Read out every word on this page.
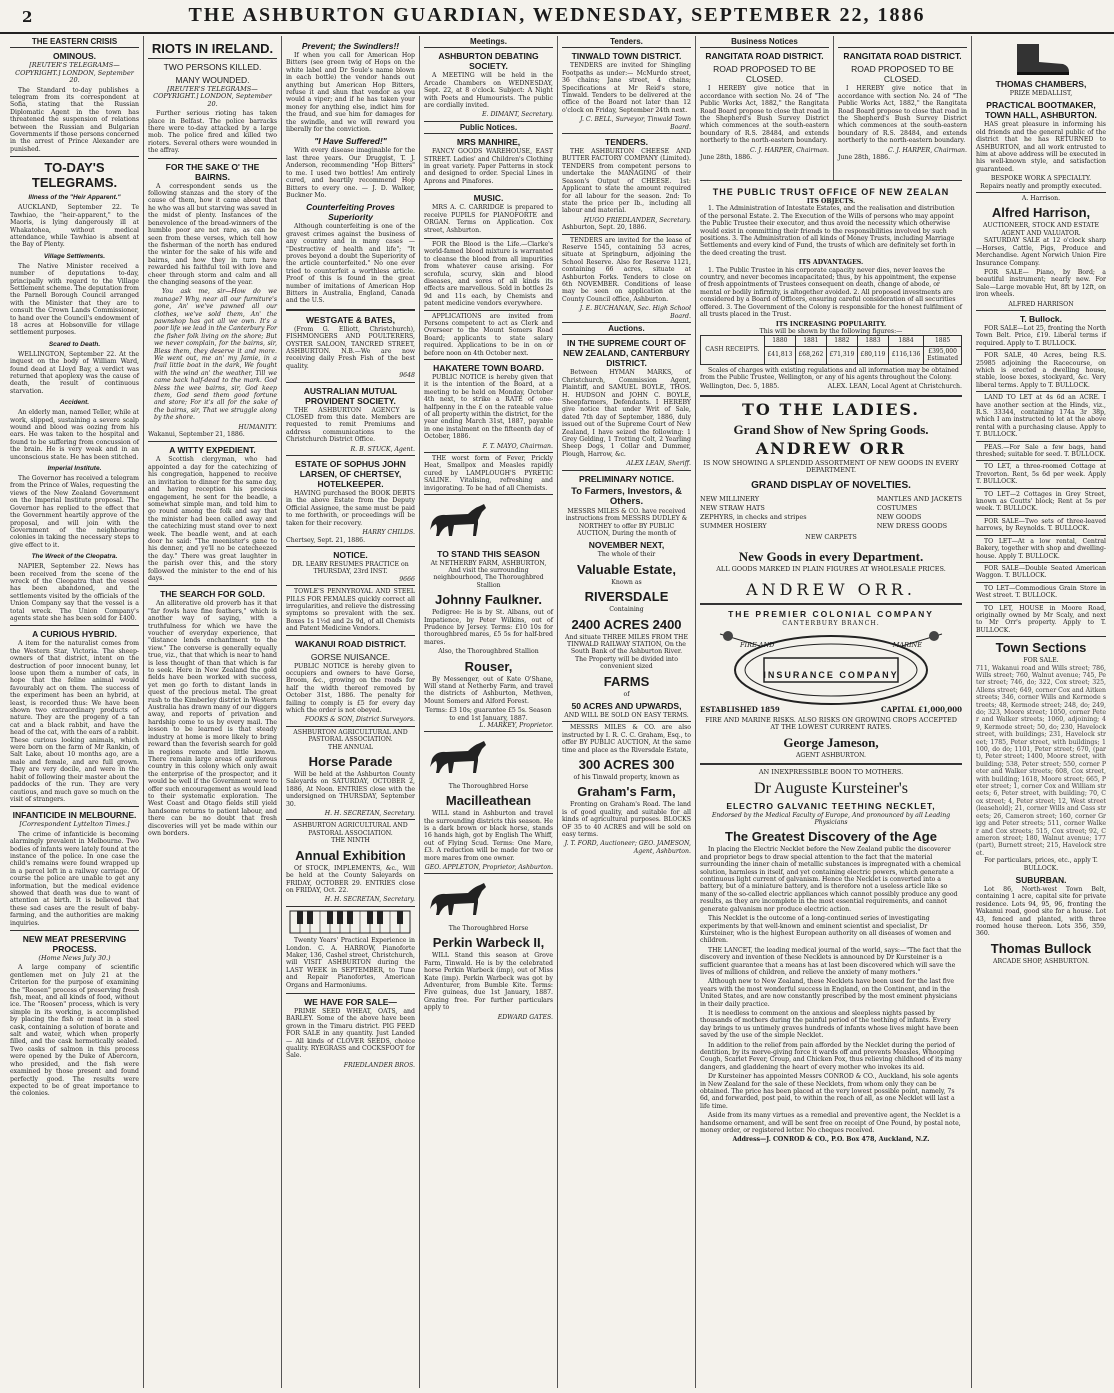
2	THE ASHBURTON GUARDIAN, WEDNESDAY, SEPTEMBER 22, 1886
THE EASTERN CRISIS
OMINOUS.
[REUTER'S TELEGRAMS—COPYRIGHT.] LONDON, September 20.
The Standard to-day publishes a telegram from its correspondent at Sofia, stating that the Russian Diplomatic Agent in the town has threatened the suspension of relations between the Russian and Bulgarian Governments if those persons concerned in the arrest of Prince Alexander are punished.
TO-DAY'S TELEGRAMS.
Illness of the "Heir Apparent."
AUCKLAND, September 22. Te Tawhiao, the "heir-apparent," to the Maoris, is lying dangerously ill at Whakatohea, without medical attendance, while Tawhiao is absent at the Bay of Plenty.
Village Settlements.
The Native Minister received a number of deputations to-day, principally with regard to the Village Settlement scheme. The deputation from the Parnell Borough Council arranged with the Minister that they are to consult the Crown Lands Commissioner, to hand over the Council's endowment of 18 acres at Hobsonville for village settlement purposes.
Scared to Death.
WELLINGTON, September 22. At the inquest on the body of William Ward, found dead at Lloyd Bay, a verdict was returned that apoplexy was the cause of death, the result of continuous starvation.
Accident.
An elderly man, named Teller, while at work, slipped, sustaining a severe scalp wound and blood was oozing from his ears. He was taken to the hospital and found to be suffering from concussion of the brain. He is very weak and in an unconscious state. He has been stitched.
Imperial Institute.
The Governor has received a telegram from the Prince of Wales, requesting the views of the New Zealand Government on the Imperial Institute proposal. The Governor has replied to the effect that the Government heartily approve of the proposal, and will join with the Government of the neighbouring colonies in taking the necessary steps to give effect to it.
The Wreck of the Cleopatra.
NAPIER, September 22. News has been received from the scene of the wreck of the Cleopatra that the vessel has been abandoned, and the settlements visited by the officials of the Union Company say that the vessel is a total wreck. The Union Company's agents state she has been sold for £400.
A CURIOUS HYBRID.
A item for the naturalist comes from the Western Star, Victoria. The sheep-owners of that district, intent on the destruction of poor innocent bunny, let loose upon them a number of cats, in hope that the feline animal would favourably act on them. The success of the experiment has been an hybrid, at least, is recorded thus: We have been shown two extraordinary products of nature. They are the progeny of a tan cat and a black rabbit, and have the head of the cat, with the ears of a rabbit. These curious looking animals, which were born on the farm of Mr Rankin, of Salt Lake, about 10 months ago, are a male and female, and are full grown. They are very docile, and were in the habit of following their master about the paddocks of the run. They are very cautious, and much gave so much on the visit of strangers.
INFANTICIDE IN MELBOURNE.
[Correspondent Lyttelton Times.]
The crime of infanticide is becoming alarmingly prevalent in Melbourne. Two bodies of infants were lately found at the instance of the police. In one case the child's remains were found wrapped up in a parcel left in a railway carriage. Of course the police are unable to get any information, but the medical evidence showed that death was due to want of attention at birth. It is believed that these sad cases are the result of baby-farming, and the authorities are making inquiries.
NEW MEAT PRESERVING PROCESS.
(Home News July 30.)
A large company of scientific gentlemen met on July 21 at the Criterion for the purpose of examining the "Roosen" process of preserving fresh fish, meat, and all kinds of food, without ice. The "Roosen" process, which is very simple in its working, is accomplished by placing the fish or meat in a steel cask, containing a solution of borate and salt and water, which when properly filled, and the cask hermetically sealed. Two casks of salmon in this process were opened by the Duke of Abercorn, who presided, and the fish were examined by those present and found perfectly good. The results were expected to be of great importance to the colonies.
RIOTS IN IRELAND.
TWO PERSONS KILLED.
MANY WOUNDED.
[REUTER'S TELEGRAMS—COPYRIGHT.] LONDON, September 20.
Further serious rioting has taken place in Belfast. The police barracks there were to-day attacked by a large mob. The police fired and killed two rioters. Several others were wounded in the affray.
FOR THE SAKE O' THE BAIRNS.
A correspondent sends us the following stanzas and the story of the cause of them, how it came about that he who was all but starving was saved in the midst of plenty. Instances of the benevolence of the bread-winners of the humble poor are not rare, as can be seen from these verses, which tell how the fisherman of the north has endured the winter for the sake of his wife and bairns, and how they in turn have rewarded his faithful toil with love and cheer through storm and calm and all the changing seasons of the year.
You ask me, sir—How do we manage? Why, near all our furniture's gone, An' we've pawned all our clothes, we've sold them, An' the pawnshop has got all we own. It's a poor life we lead in the Canterbury For the fisher folk living on the shore; But we never complain, for the bairns, sir, Bless them, they deserve it and more. We went out, me an' my Jamie, in a frail little boat in the dark, We fought with the wind an' the weather, Till we came back half-dead to the mark. God bless the wee bairns, sir, God keep them, God send them good fortune and store; For it's all for the sake of the bairns, sir, That we struggle along by the shore.
HUMANITY.
Wakanui, September 21, 1886.
A WITTY EXPEDIENT.
A Scottish clergyman, who had appointed a day for the catechizing of his congregation, happened to receive an invitation to dinner for the same day, and having reception his precious engagement, he sent for the beadle, a somewhat simple man, and told him to go round among the folk and say that the minister had been called away and the catechizing must stand over to next week. The beadle went, and at each door he said: "The meenister's gane to his denner, and ye'll no be catecheezed the day." There was great laughter in the parish over this, and the story followed the minister to the end of his days.
THE SEARCH FOR GOLD.
An alliterative old proverb has it that "far fowls have fine feathers," which is another way of saying, with a truthfulness for which we have the voucher of everyday experience, that "distance lends enchantment to the view." The converse is generally equally true, viz., that that which is near to hand is less thought of than that which is far to seek. Here in New Zealand the gold fields have been worked with success, yet men go forth to distant lands in quest of the precious metal. The great rush to the Kimberley district in Western Australia has drawn many of our diggers away, and reports of privation and hardship come to us by every mail. The lesson to be learned is that steady industry at home is more likely to bring reward than the feverish search for gold in regions remote and little known. There remain large areas of auriferous country in this colony which only await the enterprise of the prospector, and it would be well if the Government were to offer such encouragement as would lead to their systematic exploration. The West Coast and Otago fields still yield handsome returns to patient labour, and there can be no doubt that fresh discoveries will yet be made within our own borders.
Prevent; the Swindlers!!
If when you call for American Hop Bitters (see green twig of Hops on the white label and Dr Soule's name blown in each bottle) the vendor hands out anything but American Hop Bitters, refuse it and shun that vendor as you would a viper; and if he has taken your money for anything else, indict him for the fraud, and sue him for damages for the swindle, and we will reward you liberally for the conviction.
"I Have Suffered!"
With every disease imaginable for the last three years. Our Druggist, T. J. Anderson, recommending "Hop Bitters" to me. I used two bottles! Am entirely cured, and heartily recommend Hop Bitters to every one. — J. D. Walker, Buckner Mo.
Counterfeiting Proves Superiority
Although counterfeiting is one of the gravest crimes against the business of any country and in many cases — "Destructive of health and life"; "It proves beyond a doubt the Superiority of the article counterfeited." No one ever tried to counterfeit a worthless article. Proof of this is found in the great number of imitations of American Hop Bitters in Australia, England, Canada and the U.S.
WESTGATE & BATES,
(From G. Elliott, Christchurch), FISHMONGERS AND POULTERERS, OYSTER SALOON, TANCRED STREET, ASHBURTON. N.B.—We are now receiving daily Fresh Fish of the best quality.
9648
AUSTRALIAN MUTUAL PROVIDENT SOCIETY.
THE ASHBURTON AGENCY is CLOSED from this date. Members are requested to remit Premiums and address communications to the Christchurch District Office.
R. B. STUCK, Agent.
ESTATE OF SOPHUS JOHN LARSEN, OF CHERTSEY, HOTELKEEPER.
HAVING purchased the BOOK DEBTS in the above Estate from the Deputy Official Assignee, the same must be paid to me forthwith, or proceedings will be taken for their recovery.
HARRY CHILDS.
Chertsey, Sept. 21, 1886.
NOTICE.
DR. LEARY RESUMES PRACTICE on THURSDAY, 23rd INST.
9666
TOWLE'S PENNYROYAL AND STEEL PILLS FOR FEMALES quickly correct all irregularities, and relieve the distressing symptoms so prevalent with the sex. Boxes 1s 1½d and 2s 9d, of all Chemists and Patent Medicine Vendors.
WAKANUI ROAD DISTRICT.
GORSE NUISANCE.
PUBLIC NOTICE is hereby given to occupiers and owners to have Gorse, Broom, &c., growing on the roads for half the width thereof removed by October 31st, 1886. The penalty for failing to comply is £5 for every day which the order is not obeyed.
FOOKS & SON, District Surveyors.
ASHBURTON AGRICULTURAL AND PASTORAL ASSOCIATION.
THE ANNUAL
Horse Parade
Will be held at the Ashburton County Saleyards on SATURDAY, OCTOBER 2, 1886, At Noon. ENTRIES close with the undersigned on THURSDAY, September 30.
H. H. SECRETAN, Secretary.
ASHBURTON AGRICULTURAL AND PASTORAL ASSOCIATION.
THE NINTH
Annual Exhibition
Of STOCK, IMPLEMENTS, &c., Will be held at the County Saleyards on FRIDAY, OCTOBER 29. ENTRIES close on FRIDAY, Oct. 22.
H. H. SECRETAN, Secretary.
Twenty Years' Practical Experience in London. C. A. HARROW, Pianoforte Maker, 136, Cashel street, Christchurch, will VISIT ASHBURTON during the LAST WEEK in SEPTEMBER, to Tune and Repair Pianofortes, American Organs and Harmoniums.
WE HAVE FOR SALE—
PRIME SEED WHEAT, OATS, and BARLEY. Some of the above have been grown in the Timaru district. PIG FEED FOR SALE in any quantity. Just Landed— All kinds of CLOVER SEEDS, choice quality. RYEGRASS and COCKSFOOT for Sale.
FRIEDLANDER BROS.
Meetings.
ASHBURTON DEBATING SOCIETY.
A MEETING will be held in the Arcade Chambers on WEDNESDAY, Sept. 22, at 8 o'clock. Subject: A Night with Poets and Humourists. The public are cordially invited.
E. DIMANT, Secretary.
Public Notices.
MRS MANHIRE,
FANCY GOODS WAREHOUSE, EAST STREET. Ladies' and Children's Clothing in great variety. Paper Patterns in stock and designed to order. Special Lines in Aprons and Pinafores.
MUSIC.
MRS A. C. CARRIDGE is prepared to receive PUPILS for PIANOFORTE and ORGAN. Terms on Application. Cox street, Ashburton.
FOR the Blood is the Life.—Clarke's world-famed blood mixture is warranted to cleanse the blood from all impurities from whatever cause arising. For scrofula, scurvy, skin and blood diseases, and sores of all kinds its effects are marvellous. Sold in bottles 2s 9d and 11s each, by Chemists and patent medicine vendors everywhere.
APPLICATIONS are invited from Persons competent to act as Clerk and Overseer to the Mount Somers Road Board; applicants to state salary required. Applications to be in on or before noon on 4th October next.
HAKATERE TOWN BOARD.
PUBLIC NOTICE is hereby given that it is the intention of the Board, at a meeting to be held on Monday, October 4th next, to strike a RATE of one-halfpenny in the £ on the rateable value of all property within the district, for the year ending March 31st, 1887, payable in one instalment on the fifteenth day of October, 1886.
F. T. MAYO, Chairman.
THE worst form of Fever, Prickly Heat, Smallpox and Measles rapidly cured by LAMPLOUGH'S PYRETIC SALINE. Vitalising, refreshing and invigorating. To be had of all Chemists.
TO STAND THIS SEASON
At NETHERBY FARM, ASHBURTON, And visit the surrounding neighbourhood, The Thoroughbred Stallion
Johnny Faulkner.
Pedigree: He is by St. Albans, out of Impatience, by Peter Wilkins, out of Prudence by Jersey. Terms: £10 10s for thoroughbred mares, £5 5s for half-bred mares.
Also, the Thoroughbred Stallion
Rouser,
By Messenger, out of Kate O'Shane, Will stand at Netherby Farm, and travel the districts of Ashburton, Methven, Mount Somers and Alford Forest.
Terms: £3 10s; guarantee £5 5s. Season to end 1st January, 1887.
L. MARKEY, Proprietor.
The Thoroughbred Horse
Macilleathean
WILL stand in Ashburton and travel the surrounding districts this season. He is a dark brown or black horse, stands 16 hands high, got by English The Whiff, out of Flying Scud. Terms: One Mare, £3. A reduction will be made for two or more mares from one owner.
GEO. APPLETON, Proprietor, Ashburton.
The Thoroughbred Horse
Perkin Warbeck II,
WILL Stand this season at Grove Farm, Tinwald. He is by the celebrated horse Perkin Warbeck (imp), out of Miss Kate (imp). Perkin Warbeck was got by Adventurer, from Bumble Kite. Terms: Five guineas, due 1st January, 1887. Grazing free. For further particulars apply to
EDWARD GATES.
Tenders.
TINWALD TOWN DISTRICT.
TENDERS are invited for Shingling Footpaths as under:— McMurdo street, 36 chains; Jane street, 4 chains; Specifications at Mr Reid's store, Tinwald. Tenders to be delivered at the office of the Board not later than 12 o'clock on Friday, September 24th next.
J. C. BELL, Surveyor, Tinwald Town Board.
TENDERS.
THE ASHBURTON CHEESE AND BUTTER FACTORY COMPANY (Limited). TENDERS from competent persons to undertake the MANAGING of their Season's Output of CHEESE. 1st: Applicant to state the amount required for all labour for the season. 2nd: To state the price per lb., including all labour and material.
HUGO FRIEDLANDER, Secretary.
Ashburton, Sept. 20, 1886.
TENDERS are invited for the lease of Reserve 1545, containing 53 acres, situate at Springburn, adjoining the School Reserve. Also for Reserve 1121, containing 66 acres, situate at Ashburton Forks. Tenders to close on 6th NOVEMBER. Conditions of lease may be seen on application at the County Council office, Ashburton.
J. E. BUCHANAN, Sec. High School Board.
Auctions.
IN THE SUPREME COURT OF NEW ZEALAND, CANTERBURY DISTRICT.
Between HYMAN MARKS, of Christchurch, Commission Agent, Plaintiff, and SAMUEL BOYLE, THOS. H. HUDSON and JOHN C. BOYLE, Sheepfarmers, Defendants. I HEREBY give notice that under Writ of Sale, dated 7th day of September, 1886, duly issued out of the Supreme Court of New Zealand, I have seized the following: 1 Grey Gelding, 1 Trotting Colt, 2 Yearling Sheep Dogs, 1 Collar and Dummer, Plough, Harrow, &c.
ALEX LEAN, Sheriff.
PRELIMINARY NOTICE.
To Farmers, Investors, & Others.
MESSRS MILES & CO. have received instructions from MESSRS DUDLEY & NORTHEY to offer BY PUBLIC AUCTION, During the month of
NOVEMBER NEXT,
The whole of their
Valuable Estate,
Known as
RIVERSDALE
Containing
2400 ACRES 2400
And situate THREE MILES FROM THE TINWALD RAILWAY STATION, On the South Bank of the Ashburton River.
The Property will be divided into convenient sized
FARMS
of
50 ACRES AND UPWARDS,
AND WILL BE SOLD ON EASY TERMS.
MESSRS MILES & CO. are also instructed by I. R. C. C. Graham, Esq., to offer BY PUBLIC AUCTION, At the same time and place as the Riversdale Estate,
300 ACRES 300
of his Tinwald property, known as
Graham's Farm,
Fronting on Graham's Road. The land is of good quality, and suitable for all kinds of agricultural purposes. BLOCKS OF 35 to 40 ACRES and will be sold on easy terms.
J. T. FORD, Auctioneer; GEO. JAMESON, Agent, Ashburton.
Business Notices
RANGITATA ROAD DISTRICT.
ROAD PROPOSED TO BE CLOSED.
I HEREBY give notice that in accordance with section No. 24 of "The Public Works Act, 1882," the Rangitata Road Board propose to close that road in the Shepherd's Bush Survey District which commences at the south-eastern boundary of R.S. 28484, and extends northerly to the north-eastern boundary.
C. J. HARPER, Chairman.
June 28th, 1886.

RANGITATA ROAD DISTRICT.
ROAD PROPOSED TO BE CLOSED.
I HEREBY give notice that in accordance with section No. 24 of "The Public Works Act, 1882," the Rangitata Road Board propose to close that road in the Shepherd's Bush Survey District which commences at the south-eastern boundary of R.S. 28484, and extends northerly to the north-eastern boundary.
C. J. HARPER, Chairman.
June 28th, 1886.
THOMAS CHAMBERS,
PRIZE MEDALLIST,
PRACTICAL BOOTMAKER, TOWN HALL, ASHBURTON.
HAS great pleasure in informing his old friends and the general public of the district that he has RETURNED to ASHBURTON, and all work entrusted to him at above address will be executed in his well-known style, and satisfaction guaranteed.
BESPOKE WORK A SPECIALTY.
Repairs neatly and promptly executed.
A. Harrison.
Alfred Harrison,
AUCTIONEER, STOCK AND ESTATE AGENT AND VALUATOR.
SATURDAY SALE at 12 o'clock sharp—Horses, Cattle, Pigs, Produce and Merchandise. Agent Norwich Union Fire Insurance Company.
FOR SALE— Piano, by Bord; a beautiful instrument; nearly new. For Sale—Large movable Hut, 8ft by 12ft, on iron wheels.
ALFRED HARRISON
T. Bullock.
FOR SALE—Lot 25, fronting the North Town Belt. Price, £19. Liberal terms if required. Apply to T. BULLOCK.
FOR SALE, 40 Acres, being R.S. 25985 adjoining the Racecourse, on which is erected a dwelling house, stable, loose boxes, stockyard, &c. Very liberal terms. Apply to T. BULLOCK.
LAND TO LET at 4s 6d an ACRE. I have another section at the Hinds, viz., R.S. 33344, containing 174a 3r 38p, which I am instructed to let at the above rental with a purchasing clause. Apply to T. BULLOCK.
PEAS.—For Sale a few bags, hand threshed; suitable for seed. T. BULLOCK.
TO LET, a three-roomed Cottage at Trevorton. Rent, 5s 6d per week. Apply T. BULLOCK.
TO LET—2 Cottages in Grey Street, known as Coutts' block; Rent at 5s per week. T. BULLOCK.
FOR SALE—Two sets of three-leaved harrows, by Reynolds. T. BULLOCK.
TO LET—At a low rental, Central Bakery, together with shop and dwelling-house. Apply T. BULLOCK.
FOR SALE—Double Seated American Waggon. T. BULLOCK.
TO LET—Commodious Grain Store in West street. T. BULLOCK.
TO LET, HOUSE in Moore Road, originally owned by Mr Scaly, and next to Mr Orr's property. Apply to T. BULLOCK.
Town Sections
FOR SALE.
711, Wakanui road and Wills street; 786, Wills street; 760, Walnut avenue; 745, Peter street; 746, do; 322, Cox street; 325, Allens street; 649, corner Cox and Aitken streets; 346, corner Wills and Kermode streets; 48, Kermode street; 248, do; 249, do; 323, Moore street; 1050, corner Peter and Walker streets; 1060, adjoining; 49, Kermode street; 50, do; 230, Havelock street, with buildings; 231, Havelock street; 1785, Peter street, with buildings; 1100, do do; 1101, Peter street; 670, (part), Peter street; 1400, Moore street, with building; 538, Peter street; 550, corner Peter and Walker streets; 608, Cox street, with building; 1618, Moore street; 665, Peter street; 1, corner Cox and William streets; 6, Peter street, with building; 70, Cox street; 4, Peter street; 12, West street (leasehold); 21, corner Wills and Cass streets; 26, Cameron street; 160, corner Grigg and Peter streets; 511, corner Walker and Cox streets; 515, Cox street; 92, Cameron street; 180, Walnut avenue; 177 (part), Burnett street; 215, Havelock street.
For particulars, prices, etc., apply T. BULLOCK.
SUBURBAN.
Lot 86, North-west Town Belt, containing 1 acre, capital site for private residence. Lots 94, 95, 96, fronting the Wakanui road, good site for a house. Lot 43, fenced and planted, with three roomed house thereon. Lots 356, 359, 360.
Thomas Bullock
ARCADE SHOP, ASHBURTON.
THE PUBLIC TRUST OFFICE OF NEW ZEALAN
ITS OBJECTS.
1. The Administration of Intestate Estates, and the realisation and distribution of the personal Estate. 2. The Execution of the Wills of persons who may appoint the Public Trustee their executor, and thus avoid the necessity which otherwise would exist in committing their friends to the responsibilities involved by such positions. 3. The Administration of all kinds of Money Trusts, including Marriage Settlements and every kind of Fund, the trusts of which are definitely set forth in the deed creating the trust.
ITS ADVANTAGES.
1. The Public Trustee in his corporate capacity never dies, never leaves the country, and never becomes incapacitated; thus, by his appointment, the expense of fresh appointments of Trustees consequent on death, change of abode, or mental or bodily infirmity, is altogether avoided. 2. All proposed investments are considered by a Board of Officers, ensuring careful consideration of all securities offered. 3. The Government of the Colony is responsible for the honest fulfilment of all trusts placed in the Trust.
ITS INCREASING POPULARITY.
This will be shown by the following figures:—
CASH RECEIPTS.	1880	1881	1882	1883	1884	1885
	£41,813	£68,262	£71,319	£80,119	£116,136	£395,000
Estimated
Scales of charges with existing regulations and all information may be obtained from the Public Trustee, Wellington, or any of his agents throughout the Colony.
Wellington, Dec. 5, 1885.	ALEX. LEAN, Local Agent at Christchurch.
TO THE LADIES.
Grand Show of New Spring Goods.
ANDREW ORR
IS NOW SHOWING A SPLENDID ASSORTMENT OF NEW GOODS IN EVERY DEPARTMENT.
GRAND DISPLAY OF NOVELTIES.
NEW MILLINERY
NEW STRAW HATS
ZEPHYRS, in checks and stripes
SUMMER HOSIERY
MANTLES AND JACKETS
COSTUMES
NEW GOODS
NEW DRESS GOODS
NEW CARPETS
New Goods in every Department.
ALL GOODS MARKED IN PLAIN FIGURES AT WHOLESALE PRICES.
ANDREW ORR.
THE PREMIER COLONIAL COMPANY
CANTERBURY BRANCH.
FIRE AND	MARINE
INSURANCE COMPANY
ESTABLISHED 1859	CAPITAL £1,000,000
FIRE AND MARINE RISKS. ALSO RISKS ON GROWING CROPS ACCEPTED AT THE LOWEST CURRENT RATES.
George Jameson,
AGENT ASHBURTON.
AN INEXPRESSIBLE BOON TO MOTHERS.
Dr Auguste Kursteiner's
ELECTRO GALVANIC TEETHING NECKLET,
Endorsed by the Medical Faculty of Europe, And pronounced by all Leading Physicians
The Greatest Discovery of the Age
In placing the Electric Necklet before the New Zealand public the discoverer and proprietor begs to draw special attention to the fact that the material surrounding the inner chain of metallic substances is impregnated with a chemical solution, harmless in itself, and yet containing electric powers, which generate a continuous light current of galvanism. Hence the Necklet is converted into a battery, but of a miniature battery, and is therefore not a useless article like so many of the so-called electric appliances which cannot possibly produce any good results, as they are incomplete in the most essential requirements, and cannot generate galvanism nor produce electric action.
This Necklet is the outcome of a long-continued series of investigating experiments by that well-known and eminent scientist and specialist, Dr Kursteiner, who is the highest European authority on all diseases of women and children.
THE LANCET, the leading medical journal of the world, says:—"The fact that the discovery and invention of these Necklets is announced by Dr Kursteiner is a sufficient guarantee that a means has at last been discovered which will save the lives of millions of children, and relieve the anxiety of many mothers."
Although new to New Zealand, these Necklets have been used for the last five years with the most wonderful success in England, on the Continent, and in the United States, and are now constantly prescribed by the most eminent physicians in their daily practice.
It is needless to comment on the anxious and sleepless nights passed by thousands of mothers during the painful period of the teething of infants. Every day brings to us untimely graves hundreds of infants whose lives might have been saved by the use of the simple Necklet.
In addition to the relief from pain afforded by the Necklet during the period of dentition, by its merve-giving force it wards off and prevents Measles, Whooping Cough, Scarlet Fever, Croup, and Chicken Pox, thus relieving childhood of its many dangers, and gladdening the heart of every mother who invokes its aid.
Dr Kursteiner has appointed Messrs CONROD & CO., Auckland, his sole agents in New Zealand for the sale of these Necklets, from whom only they can be obtained. The price has been placed at the very lowest possible point, namely, 7s 6d, and forwarded, post paid, to within the reach of all, as one Necklet will last a life time.
Aside from its many virtues as a remedial and preventive agent, the Necklet is a handsome ornament, and will be sent free on receipt of One Pound, by postal note, money order, or registered letter. No cheques received.
Address—J. CONROD & CO., P.O. Box 478, Auckland, N.Z.
